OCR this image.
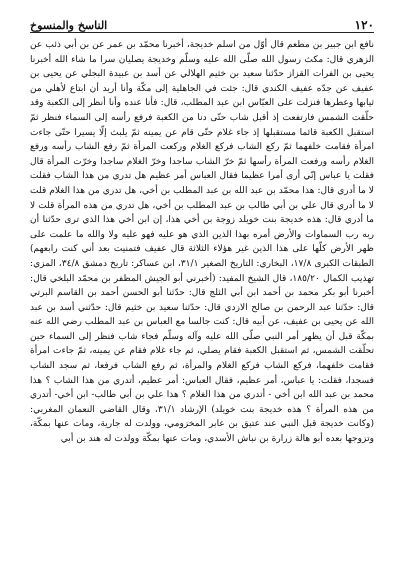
١٢٠
الناسخ والمنسوخ

نافع ابن جبير بن مطعم قال أوّل من اسلم خديجة، أخبرنا محمّد بن عمر عن بن أبي ذئب عن الزهري قال: مكث رسول الله صلّى الله عليه وسلّم وخديجة يصليان سرا ما شاء الله أخبرنا يحيى بن الفرات القزاز حدّثنا سعيد بن خثيم الهلالي عن أسد بن عبيدة البجلي عن يحيى بن عفيف عن جدّه عفيف الكندي قال: جئت في الجاهلية إلى مكّة وأنا أريد أن ابتاع لأهلي من ثيابها وعطرها فنزلت على العبّاس ابن عبد المطلب، قال: فأنا عنده وأنا أنظر إلى الكعبة وقد حلّقت الشمس فارتفعت إذ أقبل شاب حتّى دنا من الكعبة فرفع رأسه إلى السماء فنظر ثمّ استقبل الكعبة قائما مستقبلها إذ جاء غلام حتّى قام عن يمينه ثمّ يلبث إلّا يسيرا حتّى جاءت امرأة فقامت خلفهما ثمّ ركع الشاب فركع الغلام وركعت المرأة ثمّ رفع الشاب رأسه ورفع الغلام رأسه ورفعت المرأة رأسها ثمّ خرّ الشاب ساجدا وخرّ الغلام ساجدا وخرّت المرأة قال فقلت يا عباس إنّي أرى أمرا عظيما فقال العباس أمر عظيم هل تدري من هذا الشاب فقلت لا ما أدري قال: هذا محمّد بن عبد الله بن عبد المطلب بن أخي، هل تدري من هذا الغلام قلت لا ما أدري قال علي بن أبي طالب بن عبد المطلب بن أخي، هل تدري من هذه المرأة قلت لا ما أدري قال: هذه خديجة بنت خويلد زوجة بن أخي هذا، إن ابن أخي هذا الذي ترى حدّثنا أن ربه رب السماوات والأرض أمره بهذا الذين الذي هو عليه فهو عليه ولا والله ما علمت على ظهر الأرض كلّها على هذا الذين غير هؤلاء الثلاثة قال عفيف فتمنيت بعد أني كنت رابعهم) الطبقات الكبرى ١٧/٨، البخاري: التاريخ الصغير ٣١/١، ابن عساكر: تاريخ دمشق ٣٤/٨، المزي: تهذيب الكمال ١٨٥/٢٠، قال الشيخ المفيد: (أخبرني أبو الجيش المظفر بن محمّد البلخي قال: أخبرنا أبو بكر محمد بن أحمد ابن أبي الثلج قال: حدّثنا أبو الحسن أحمد بن القاسم البرتي قال: حدّثنا عبد الرحمن بن صالح الازدي قال: حدّثنا سعيد بن خثيم قال: حدّثني أسد بن عبد الله عن يحيى بن عفيف، عن أبيه قال: كنت جالسا مع العباس بن عبد المطلب رضي الله عنه بمكّة قبل أن يظهر أمر النبي صلّى الله عليه وآله وسلّم فجاء شاب فنظر إلى السماء حين تحلّقت الشمس، ثم استقبل الكعبة فقام يصلي، ثم جاء غلام فقام عن يمينه، ثمّ جاءت امرأة فقامت خلفهما، فركع الشاب فركع الغلام والمرأة، ثم رفع الشاب فرفعا، ثم سجد الشاب فسجدا، فقلت: يا عباس، أمر عظيم، فقال العباس: أمر عظيم، أتدري من هذا الشاب ؟ هذا محمد بن عبد الله ابن أخي - أتدري من هذا الغلام ؟ هذا علي بن أبي طالب- ابن أخي- أتدري من هذه المرأة ؟ هذه خديجة بنت خويلد) الإرشاد ٣١/١، وقال القاضي النعمان المغربي: (وكانت خديجة قبل النبي عند عتيق بن عابر المخزومي، وولدت له جارية، ومات عنها بمكّة، وتزوجها بعده أبو هالة زرارة بن نباش الأسدي، ومات عنها بمكّة وولدت له هند بن أبي
